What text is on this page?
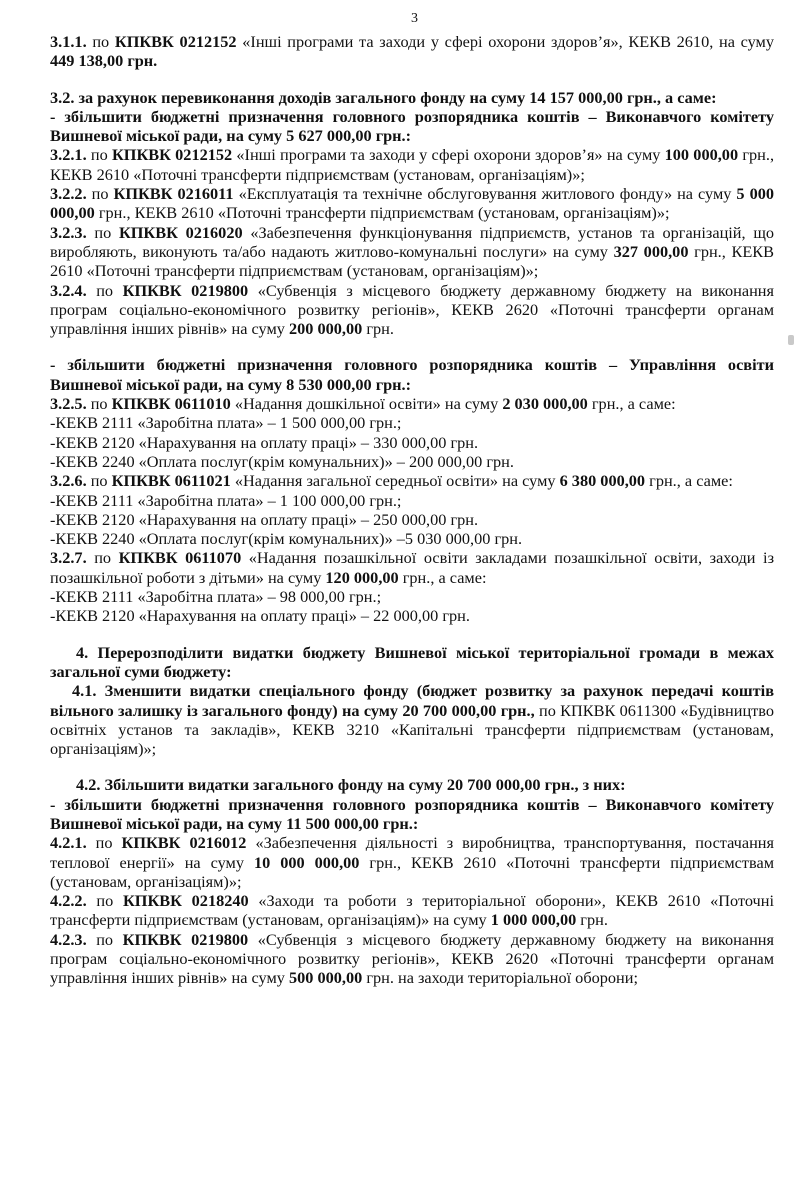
3

3.1.1. по КПКВК 0212152 «Інші програми та заходи у сфері охорони здоров’я», КЕКВ 2610, на суму 449 138,00 грн.

3.2. за рахунок перевиконання доходів загального фонду на суму 14 157 000,00 грн., а саме:

- збільшити бюджетні призначення головного розпорядника коштів – Виконавчого комітету Вишневої міської ради, на суму 5 627 000,00 грн.:

3.2.1. по КПКВК 0212152 «Інші програми та заходи у сфері охорони здоров’я» на суму 100 000,00 грн., КЕКВ 2610 «Поточні трансферти підприємствам (установам, організаціям)»;

3.2.2. по КПКВК 0216011 «Експлуатація та технічне обслуговування житлового фонду» на суму 5 000 000,00 грн., КЕКВ 2610 «Поточні трансферти підприємствам (установам, організаціям)»;

3.2.3. по КПКВК 0216020 «Забезпечення функціонування підприємств, установ та організацій, що виробляють, виконують та/або надають житлово-комунальні послуги» на суму 327 000,00 грн., КЕКВ 2610 «Поточні трансферти підприємствам (установам, організаціям)»;

3.2.4. по КПКВК 0219800 «Субвенція з місцевого бюджету державному бюджету на виконання програм соціально-економічного розвитку регіонів», КЕКВ 2620 «Поточні трансферти органам управління інших рівнів» на суму 200 000,00 грн.

- збільшити бюджетні призначення головного розпорядника коштів – Управління освіти Вишневої міської ради, на суму 8 530 000,00 грн.:

3.2.5. по КПКВК 0611010 «Надання дошкільної освіти» на суму 2 030 000,00 грн., а саме:

-КЕКВ 2111 «Заробітна плата» – 1 500 000,00 грн.;

-КЕКВ 2120 «Нарахування на оплату праці» – 330 000,00 грн.

-КЕКВ 2240 «Оплата послуг(крім комунальних)» – 200 000,00 грн.

3.2.6. по КПКВК 0611021 «Надання загальної середньої освіти» на суму 6 380 000,00 грн., а саме:

-КЕКВ 2111 «Заробітна плата» – 1 100 000,00 грн.;

-КЕКВ 2120 «Нарахування на оплату праці» – 250 000,00 грн.

-КЕКВ 2240 «Оплата послуг(крім комунальних)» –5 030 000,00 грн.

3.2.7. по КПКВК 0611070 «Надання позашкільної освіти закладами позашкільної освіти, заходи із позашкільної роботи з дітьми» на суму 120 000,00 грн., а саме:

-КЕКВ 2111 «Заробітна плата» – 98 000,00 грн.;

-КЕКВ 2120 «Нарахування на оплату праці» – 22 000,00 грн.

4. Перерозподілити видатки бюджету Вишневої міської територіальної громади в межах загальної суми бюджету:

4.1. Зменшити видатки спеціального фонду (бюджет розвитку за рахунок передачі коштів вільного залишку із загального фонду) на суму 20 700 000,00 грн., по КПКВК 0611300 «Будівництво освітніх установ та закладів», КЕКВ 3210 «Капітальні трансферти підприємствам (установам, організаціям)»;

4.2. Збільшити видатки загального фонду на суму 20 700 000,00 грн., з них:

- збільшити бюджетні призначення головного розпорядника коштів – Виконавчого комітету Вишневої міської ради, на суму 11 500 000,00 грн.:

4.2.1. по КПКВК 0216012 «Забезпечення діяльності з виробництва, транспортування, постачання теплової енергії» на суму 10 000 000,00 грн., КЕКВ 2610 «Поточні трансферти підприємствам (установам, організаціям)»;

4.2.2. по КПКВК 0218240 «Заходи та роботи з територіальної оборони», КЕКВ 2610 «Поточні трансферти підприємствам (установам, організаціям)» на суму 1 000 000,00 грн.

4.2.3. по КПКВК 0219800 «Субвенція з місцевого бюджету державному бюджету на виконання програм соціально-економічного розвитку регіонів», КЕКВ 2620 «Поточні трансферти органам управління інших рівнів» на суму 500 000,00 грн. на заходи територіальної оборони;
